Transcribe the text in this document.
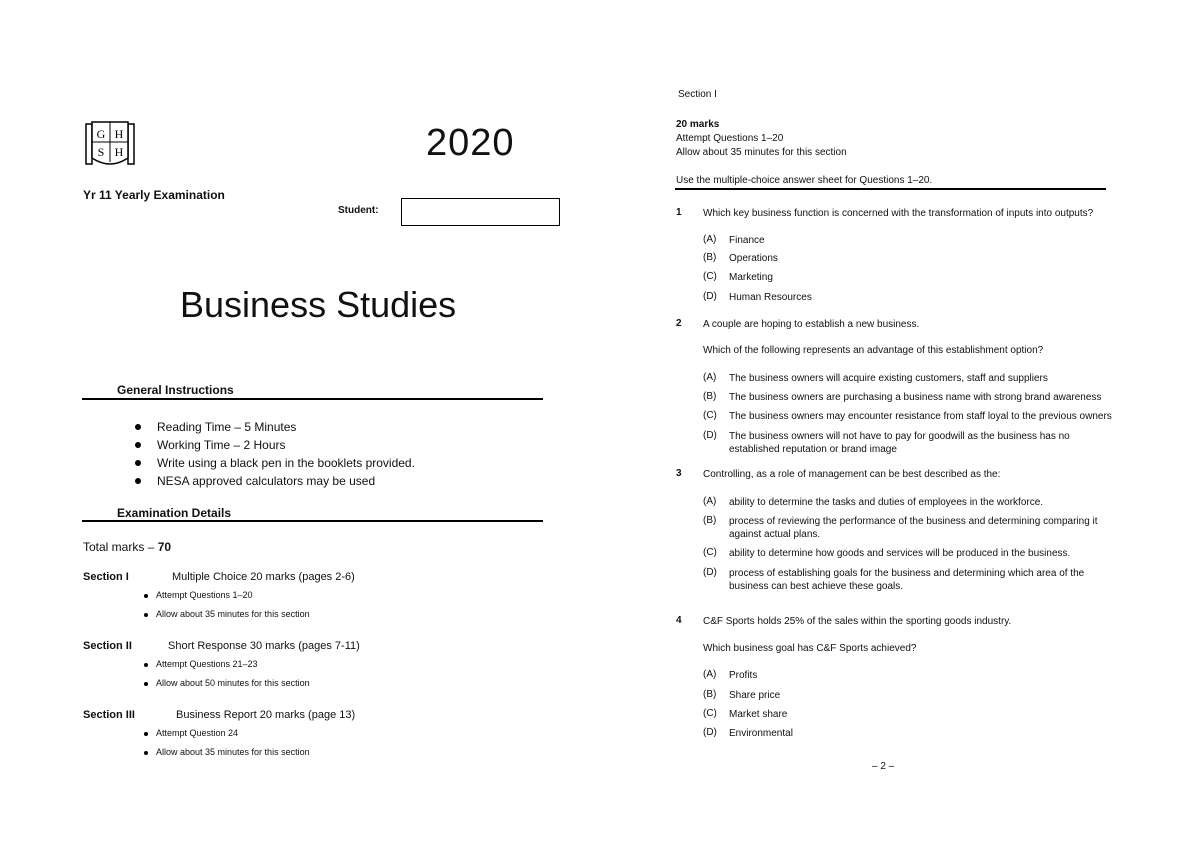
G H
S H	2020
Yr 11 Yearly Examination
Student:
Business Studies
General Instructions
Reading Time – 5 Minutes
Working Time – 2 Hours
Write using a black pen in the booklets provided.
NESA approved calculators may be used
Examination Details
Total marks – 70
Section I	Multiple Choice 20 marks (pages 2-6)
Attempt Questions 1–20
Allow about 35 minutes for this section
Section II	Short Response 30 marks (pages 7-11)
Attempt Questions 21–23
Allow about 50 minutes for this section
Section III	Business Report 20 marks (page 13)
Attempt Question 24
Allow about 35 minutes for this section
Section I
20 marks
Attempt Questions 1–20
Allow about 35 minutes for this section
Use the multiple-choice answer sheet for Questions 1–20.
1 Which key business function is concerned with the transformation of inputs into outputs?
(A) Finance
(B) Operations
(C) Marketing
(D) Human Resources
2 A couple are hoping to establish a new business.
Which of the following represents an advantage of this establishment option?
(A) The business owners will acquire existing customers, staff and suppliers
(B) The business owners are purchasing a business name with strong brand awareness
(C) The business owners may encounter resistance from staff loyal to the previous owners
(D) The business owners will not have to pay for goodwill as the business has no established reputation or brand image
3 Controlling, as a role of management can be best described as the:
(A) ability to determine the tasks and duties of employees in the workforce.
(B) process of reviewing the performance of the business and determining comparing it against actual plans.
(C) ability to determine how goods and services will be produced in the business.
(D) process of establishing goals for the business and determining which area of the business can best achieve these goals.
4 C&F Sports holds 25% of the sales within the sporting goods industry.
Which business goal has C&F Sports achieved?
(A) Profits
(B) Share price
(C) Market share
(D) Environmental
– 2 –
